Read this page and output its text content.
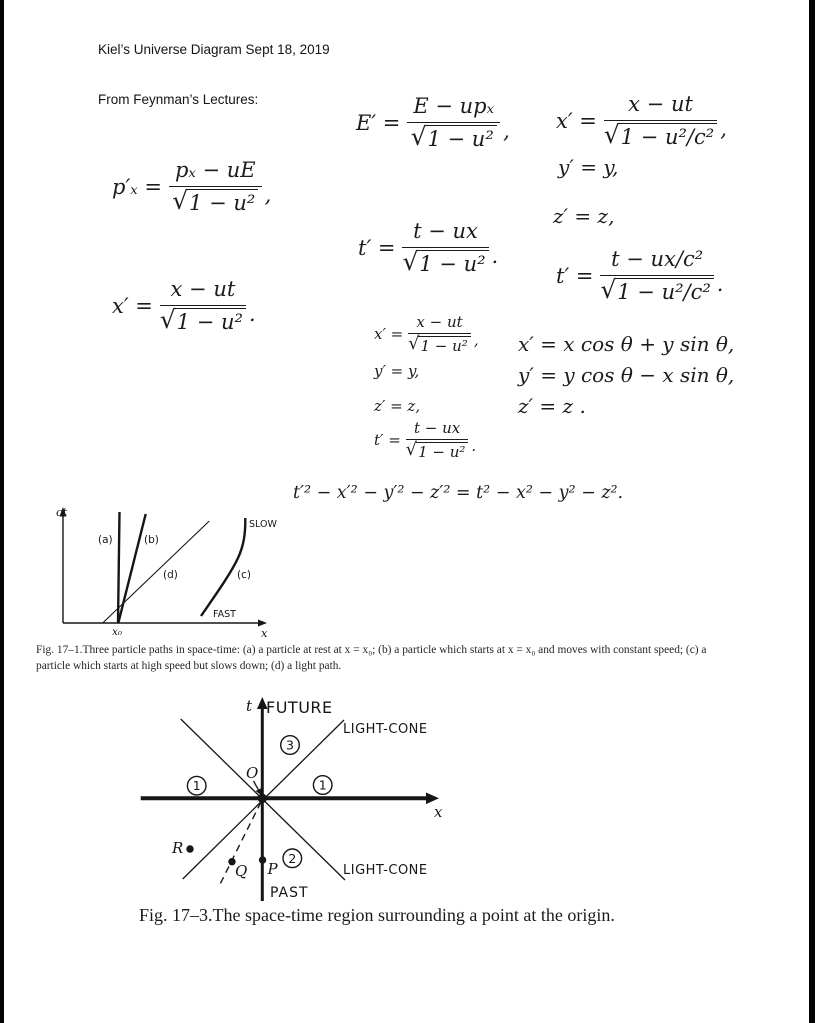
Kiel’s Universe Diagram Sept 18, 2019
From Feynman’s Lectures:
$E' = \frac{\text{E − upₓ}}{\text{√ 1 − u²}}$ , $x' = \frac{x - ut}{\text{√ 1 − u²/c²}}$ ,
y′ = y,
$p'_x = \frac{\text{pₓ − uE}}{\text{√ 1 − u²}}$ ,
z′ = z,
$t' = \frac{t - ux}{\text{√ 1 − u²}}$ .
$t' = \frac{\text{t − ux/c²}}{\text{√ 1 − u²/c²}}$ .
$x' = \frac{x - ut}{\text{√ 1 − u²}}$ .
$x' = \frac{x - ut}{\text{√ 1 − u²}}$ ,
y′ = y,
z′ = z,
$t' = \frac{t - ux}{\text{√ 1 − u²}}$ .
x′ = x cos θ + y sin θ,
y′ = y cos θ − x sin θ,
z′ = z .
t′² − x′² − y′² − z′² = t² − x² − y² − z².
ct
x
x₀
(a)	(b)
(c)
(d)
SLOW
FAST
Fig. 17–1.Three particle paths in space-time: (a) a particle at rest at x = x₀; (b) a particle which starts at x = x₀ and moves with constant speed; (c) a
particle which starts at high speed but slows down; (d) a light path.
t
x
FUTURE
LIGHT-CONE
LIGHT-CONE
PAST
3
1	1
2
O
R
Q P
Fig. 17–3.The space-time region surrounding a point at the origin.
